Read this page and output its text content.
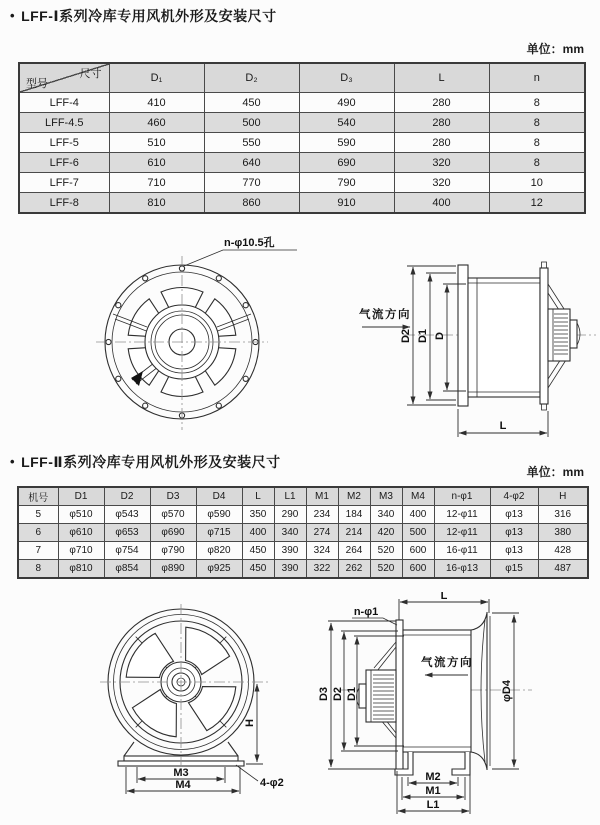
• LFF-Ⅰ系列冷库专用风机外形及安装尺寸
单位：mm
尺寸
型号	D₁	D₂	D₃	L	n
LFF-4	410	450	490	280	8
LFF-4.5	460	500	540	280	8
LFF-5	510	550	590	280	8
LFF-6	610	640	690	320	8
LFF-7	710	770	790	320	10
LFF-8	810	860	910	400	12
n-φ10.5孔
D2 D1 D
L
气流方向
• LFF-Ⅱ系列冷库专用风机外形及安装尺寸
单位：mm
机号	D1	D2	D3	D4	L	L1	M1	M2	M3	M4	n-φ1	4-φ2	H
5	φ510	φ543	φ570	φ590	350	290	234	184	340	400	12-φ11	φ13	316
6	φ610	φ653	φ690	φ715	400	340	274	214	420	500	12-φ11	φ13	380
7	φ710	φ754	φ790	φ820	450	390	324	264	520	600	16-φ11	φ13	428
8	φ810	φ854	φ890	φ925	450	390	322	262	520	600	16-φ13	φ15	487
H
M3
M4	4-φ2
n-φ1
L
D3 D2 D1	φD4
气流方向
M2
M1
L1
